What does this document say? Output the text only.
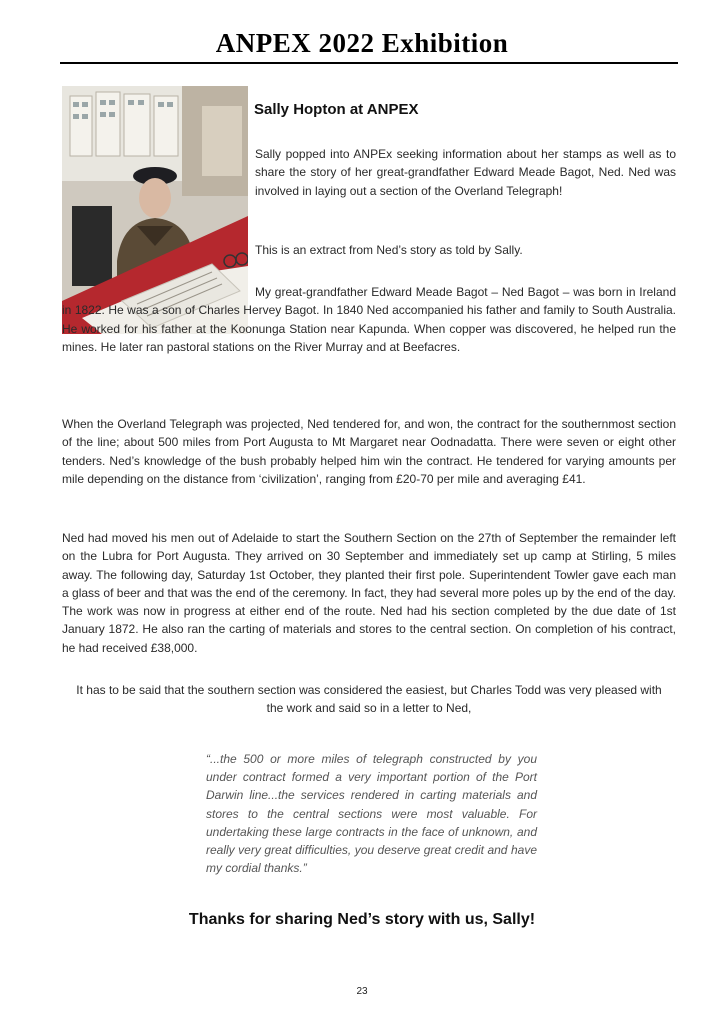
ANPEX 2022 Exhibition
Sally Hopton at ANPEX

Sally popped into ANPEx seeking information about her stamps as well as to share the story of her great-grandfather Edward Meade Bagot, Ned. Ned was involved in laying out a section of the Overland Telegraph!

This is an extract from Ned’s story as told by Sally.

My great-grandfather Edward Meade Bagot – Ned Bagot – was born in Ireland in 1822. He was a son of Charles Hervey Bagot. In 1840 Ned accompanied his father and family to South Australia. He worked for his father at the Koonunga Station near Kapunda. When copper was discovered, he helped run the mines. He later ran pastoral stations on the River Murray and at Beefacres.

When the Overland Telegraph was projected, Ned tendered for, and won, the contract for the southernmost section of the line; about 500 miles from Port Augusta to Mt Margaret near Oodnadatta. There were seven or eight other tenders. Ned’s knowledge of the bush probably helped him win the contract. He tendered for varying amounts per mile depending on the distance from ‘civilization’, ranging from £20-70 per mile and averaging £41.

Ned had moved his men out of Adelaide to start the Southern Section on the 27th of September the remainder left on the Lubra for Port Augusta. They arrived on 30 September and immediately set up camp at Stirling, 5 miles away. The following day, Saturday 1st October, they planted their first pole. Superintendent Towler gave each man a glass of beer and that was the end of the ceremony. In fact, they had several more poles up by the end of the day. The work was now in progress at either end of the route. Ned had his section completed by the due date of 1st January 1872. He also ran the carting of materials and stores to the central section. On completion of his contract, he had received £38,000.

It has to be said that the southern section was considered the easiest, but Charles Todd was very pleased with the work and said so in a letter to Ned,

“...the 500 or more miles of telegraph constructed by you under contract formed a very important portion of the Port Darwin line...the services rendered in carting materials and stores to the central sections were most valuable. For undertaking these large contracts in the face of unknown, and really very great difficulties, you deserve great credit and have my cordial thanks.”

Thanks for sharing Ned’s story with us, Sally!
23
